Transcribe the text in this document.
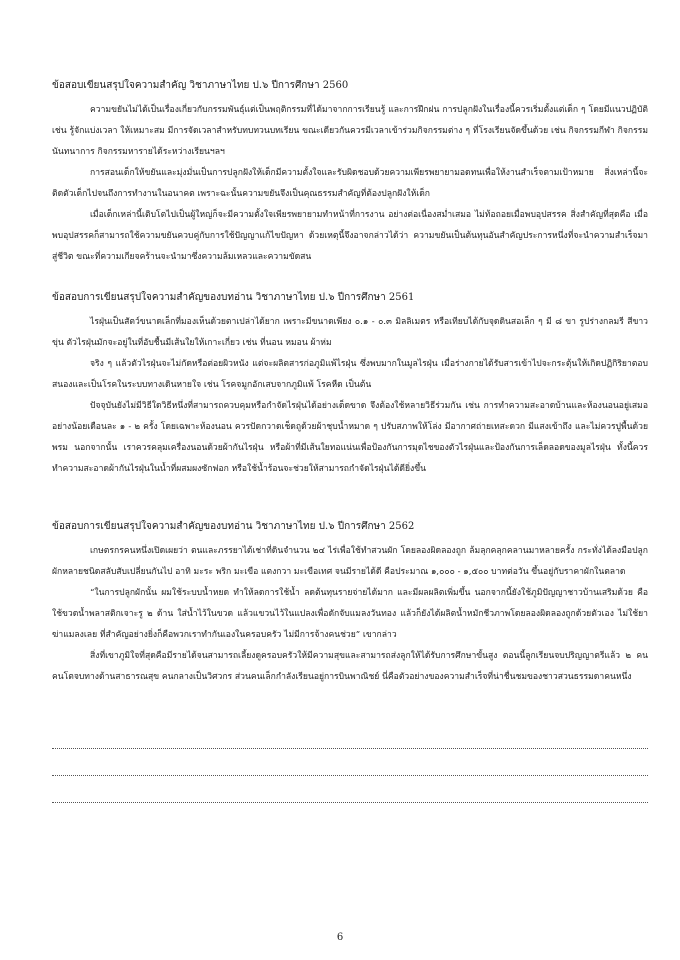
ข้อสอบเขียนสรุปใจความสำคัญ วิชาภาษาไทย ป.๖ ปีการศึกษา 2560

ความขยันไม่ได้เป็นเรื่องเกี่ยวกับกรรมพันธุ์แต่เป็นพฤติกรรมที่ได้มาจากการเรียนรู้ และการฝึกฝน การปลูกฝังในเรื่องนี้ควรเริ่มตั้งแต่เด็ก ๆ โดยมีแนวปฏิบัติ เช่น รู้จักแบ่งเวลา ให้เหมาะสม มีการจัดเวลาสำหรับทบทวนบทเรียน ขณะเดียวกันควรมีเวลาเข้าร่วมกิจกรรมต่าง ๆ ที่โรงเรียนจัดขึ้นด้วย เช่น กิจกรรมกีฬา กิจกรรมนันทนาการ กิจกรรมหารายได้ระหว่างเรียนฯลฯ

การสอนเด็กให้ขยันและมุ่งมั่นเป็นการปลูกฝังให้เด็กมีความตั้งใจและรับผิดชอบด้วยความเพียรพยายามอดทนเพื่อให้งานสำเร็จตามเป้าหมาย สิ่งเหล่านี้จะติดตัวเด็กไปจนถึงการทำงานในอนาคต เพราะฉะนั้นความขยันจึงเป็นคุณธรรมสำคัญที่ต้องปลูกฝังให้เด็ก

เมื่อเด็กเหล่านี้เติบโตไปเป็นผู้ใหญ่ก็จะมีความตั้งใจเพียรพยายามทำหน้าที่การงาน อย่างต่อเนื่องสม่ำเสมอ ไม่ท้อถอยเมื่อพบอุปสรรค สิ่งสำคัญที่สุดคือ เมื่อพบอุปสรรคก็สามารถใช้ความขยันควบคู่กับการใช้ปัญญาแก้ไขปัญหา ด้วยเหตุนี้จึงอาจกล่าวได้ว่า ความขยันเป็นต้นทุนอันสำคัญประการหนึ่งที่จะนำความสำเร็จมาสู่ชีวิต ขณะที่ความเกียจคร้านจะนำมาซึ่งความล้มเหลวและความขัดสน

ข้อสอบการเขียนสรุปใจความสำคัญของบทอ่าน วิชาภาษาไทย ป.๖ ปีการศึกษา 2561

ไรฝุ่นเป็นสัตว์ขนาดเล็กที่มองเห็นด้วยตาเปล่าได้ยาก เพราะมีขนาดเพียง ๐.๑ - ๐.๓ มิลลิเมตร หรือเทียบได้กับจุดดินสอเล็ก ๆ มี ๘ ขา รูปร่างกลมรี สีขาวขุ่น ตัวไรฝุ่นมักจะอยู่ในที่อับชื้นมีเส้นใยให้เกาะเกี่ยว เช่น ที่นอน หมอน ผ้าห่ม

จริง ๆ แล้วตัวไรฝุ่นจะไม่กัดหรือต่อยผิวหนัง แต่จะผลิตสารก่อภูมิแพ้ไรฝุ่น ซึ่งพบมากในมูลไรฝุ่น เมื่อร่างกายได้รับสารเข้าไปจะกระตุ้นให้เกิดปฏิกิริยาตอบสนองและเป็นโรคในระบบทางเดินหายใจ เช่น โรคจมูกอักเสบจากภูมิแพ้ โรคหืด เป็นต้น

ปัจจุบันยังไม่มีวิธีใดวิธีหนึ่งที่สามารถควบคุมหรือกำจัดไรฝุ่นได้อย่างเด็ดขาด จึงต้องใช้หลายวิธีร่วมกัน เช่น การทำความสะอาดบ้านและห้องนอนอยู่เสมอ อย่างน้อยเดือนละ ๑ - ๒ ครั้ง โดยเฉพาะห้องนอน ควรปัดกวาดเช็ดถูด้วยผ้าชุบน้ำหมาด ๆ ปรับสภาพให้โล่ง มีอากาศถ่ายเทสะดวก มีแสงเข้าถึง และไม่ควรปูพื้นด้วยพรม นอกจากนั้น เราควรคลุมเครื่องนอนด้วยผ้ากันไรฝุ่น หรือผ้าที่มีเส้นใยทอแน่นเพื่อป้องกันการมุดไชของตัวไรฝุ่นและป้องกันการเล็ดลอดของมูลไรฝุ่น ทั้งนี้ควรทำความสะอาดผ้ากันไรฝุ่นในน้ำที่ผสมผงซักฟอก หรือใช้น้ำร้อนจะช่วยให้สามารถกำจัดไรฝุ่นได้ดียิ่งขึ้น

ข้อสอบการเขียนสรุปใจความสำคัญของบทอ่าน วิชาภาษาไทย ป.๖ ปีการศึกษา 2562

เกษตรกรคนหนึ่งเปิดเผยว่า ตนและภรรยาได้เช่าที่ดินจำนวน ๒๔ ไร่เพื่อใช้ทำสวนผัก โดยลองผิดลองถูก ล้มลุกคลุกคลานมาหลายครั้ง กระทั่งได้ลงมือปลูกผักหลายชนิดสลับสับเปลี่ยนกันไป อาทิ มะระ พริก มะเขือ แตงกวา มะเขือเทศ จนมีรายได้ดี คือประมาณ ๑,๐๐๐ - ๑,๕๐๐ บาทต่อวัน ขึ้นอยู่กับราคาผักในตลาด

“ในการปลูกผักนั้น ผมใช้ระบบน้ำหยด ทำให้ลดการใช้น้ำ ลดต้นทุนรายจ่ายได้มาก และมีผลผลิตเพิ่มขึ้น นอกจากนี้ยังใช้ภูมิปัญญาชาวบ้านเสริมด้วย คือใช้ขวดน้ำพลาสติกเจาะรู ๒ ด้าน ใส่น้ำไว้ในขวด แล้วแขวนไว้ในแปลงเพื่อดักจับแมลงวันทอง แล้วก็ยังได้ผลิตน้ำหมักชีวภาพโดยลองผิดลองถูกด้วยตัวเอง ไม่ใช้ยาฆ่าแมลงเลย ที่สำคัญอย่างยิ่งก็คือพวกเราทำกันเองในครอบครัว ไม่มีการจ้างคนช่วย” เขากล่าว

สิ่งที่เขาภูมิใจที่สุดคือมีรายได้จนสามารถเลี้ยงดูครอบครัวให้มีความสุขและสามารถส่งลูกให้ได้รับการศึกษาขั้นสูง ตอนนี้ลูกเรียนจบปริญญาตรีแล้ว ๒ คน คนโตจบทางด้านสาธารณสุข คนกลางเป็นวิศวกร ส่วนคนเล็กกำลังเรียนอยู่การบินพาณิชย์ นี่คือตัวอย่างของความสำเร็จที่น่าชื่นชมของชาวสวนธรรมดาคนหนึ่ง

6
